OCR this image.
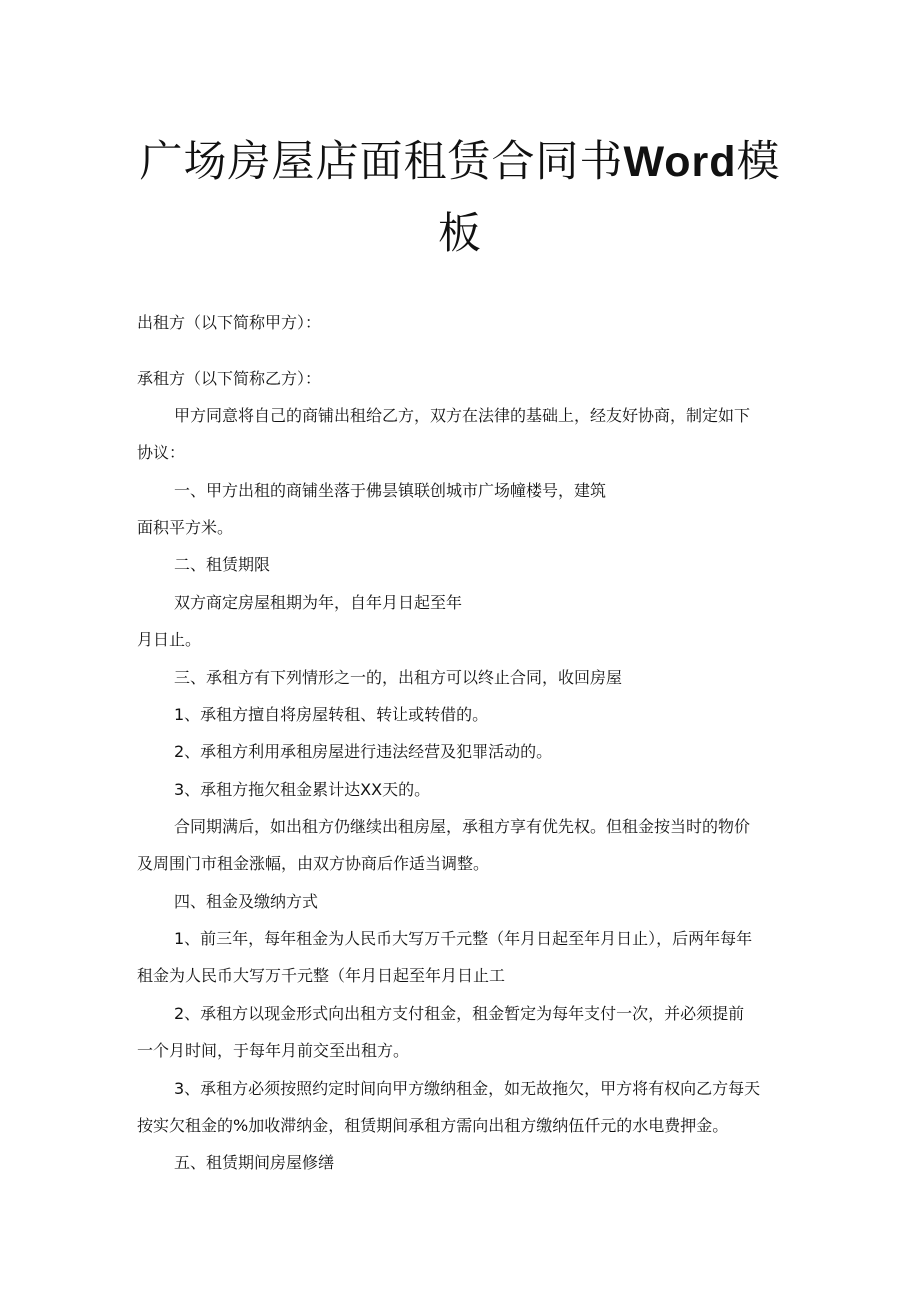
广场房屋店面租赁合同书Word模
板

出租方（以下简称甲方）：

承租方（以下简称乙方）：

甲方同意将自己的商铺出租给乙方，双方在法律的基础上，经友好协商，制定如下

协议：

一、甲方出租的商铺坐落于佛昙镇联创城市广场幢楼号，建筑

面积平方米。

二、租赁期限

双方商定房屋租期为年，自年月日起至年

月日止。

三、承租方有下列情形之一的，出租方可以终止合同，收回房屋

1、承租方擅自将房屋转租、转让或转借的。

2、承租方利用承租房屋进行违法经营及犯罪活动的。

3、承租方拖欠租金累计达XX天的。

合同期满后，如出租方仍继续出租房屋，承租方享有优先权。但租金按当时的物价

及周围门市租金涨幅，由双方协商后作适当调整。

四、租金及缴纳方式

1、前三年，每年租金为人民币大写万千元整（年月日起至年月日止），后两年每年

租金为人民币大写万千元整（年月日起至年月日止工

2、承租方以现金形式向出租方支付租金，租金暂定为每年支付一次，并必须提前

一个月时间，于每年月前交至出租方。

3、承租方必须按照约定时间向甲方缴纳租金，如无故拖欠，甲方将有权向乙方每天

按实欠租金的%加收滞纳金，租赁期间承租方需向出租方缴纳伍仟元的水电费押金。

五、租赁期间房屋修缮
